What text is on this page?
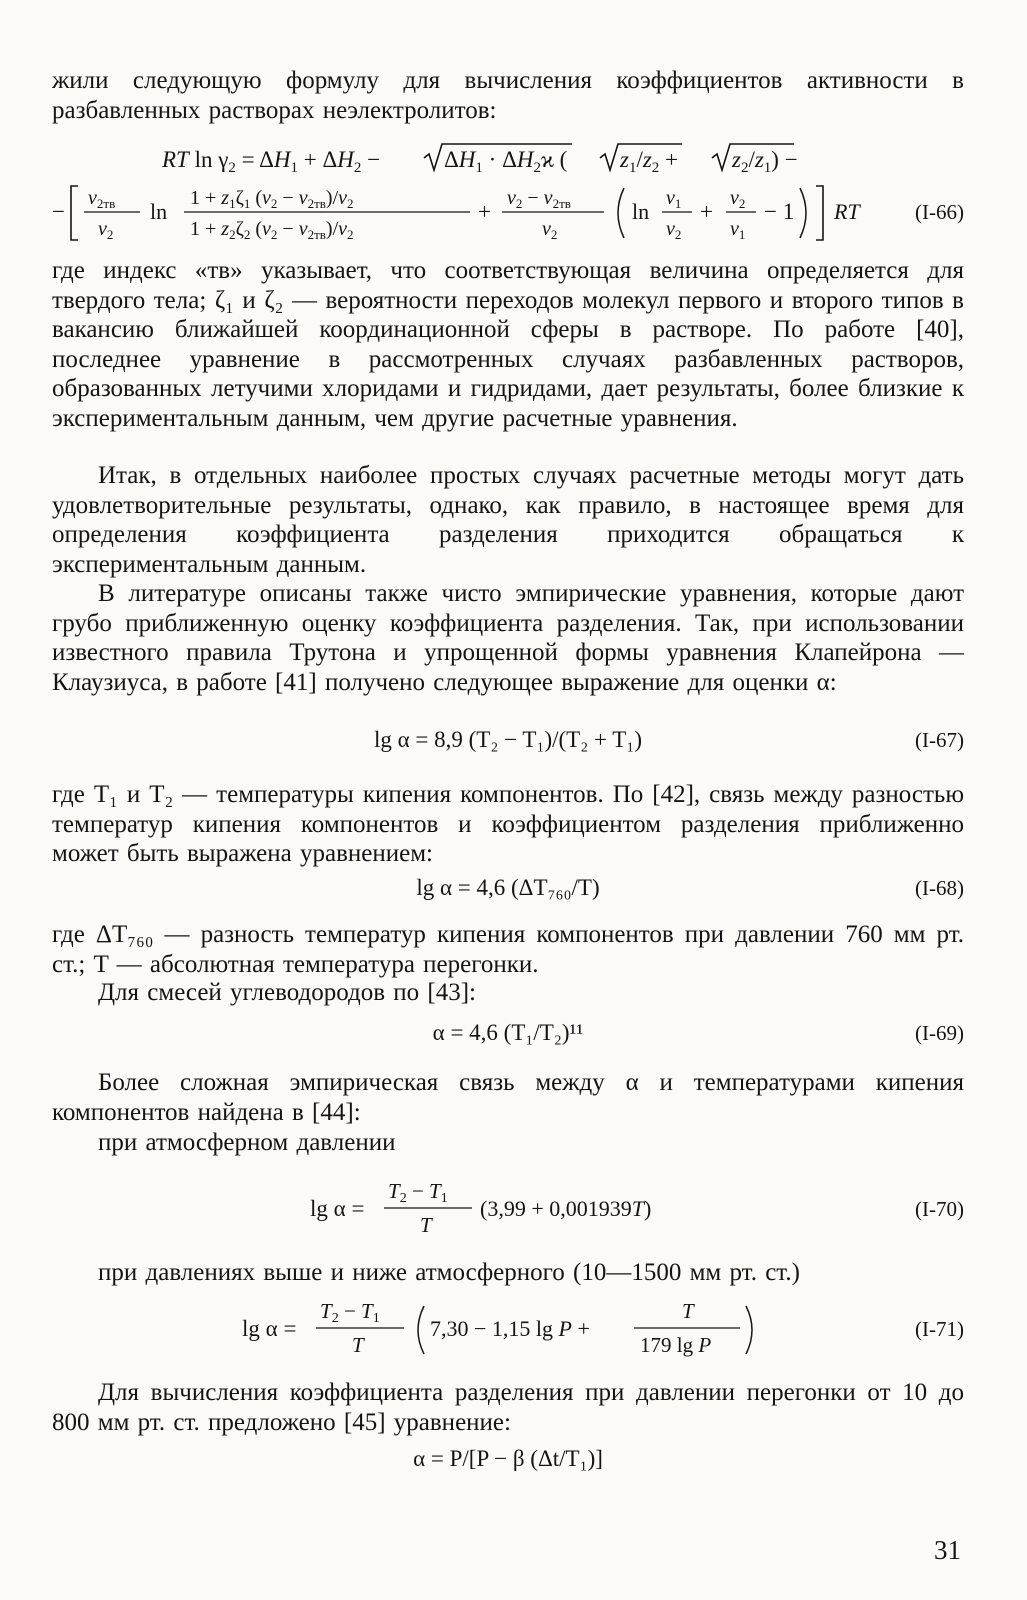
жили следующую формулу для вычисления коэффициентов активности в разбавленных растворах неэлектролитов:

RT $\ln \gamma_2 = \Delta H_1 + \Delta H_2$ −	$\Delta H_1 \cdot \Delta H_2ϰ$ ( $z_1/z_2 + z_2/z_1$) −
−
$v_{2тв}$
$v_2$
ln
$1 + z_1\zeta_1$ $(v_2 - v_{2тв})/v_2$
$1 + z_2\zeta_2$ $(v_2 - v_{2тв})/v_2$
+
$v_2 - v_{2тв}$
$v_2$
ln
$v_1$
$v_2$
+
$v_2$
$v_1$
− 1 RT	(I-66)

где индекс «тв» указывает, что соответствующая величина определяется для твердого тела; ζ₁ и ζ₂ — вероятности переходов молекул первого и второго типов в вакансию ближайшей координационной сферы в растворе. По работе [40], последнее уравнение в рассмотренных случаях разбавленных растворов, образованных летучими хлоридами и гидридами, дает результаты, более близкие к экспериментальным данным, чем другие расчетные уравнения.

Итак, в отдельных наиболее простых случаях расчетные методы могут дать удовлетворительные результаты, однако, как правило, в настоящее время для определения коэффициента разделения приходится обращаться к экспериментальным данным.

В литературе описаны также чисто эмпирические уравнения, которые дают грубо приближенную оценку коэффициента разделения. Так, при использовании известного правила Трутона и упрощенной формы уравнения Клапейрона — Клаузиуса, в работе [41] получено следующее выражение для оценки α:

lg α = 8,9 (T₂ − T₁)/(T₂ + T₁)	(I-67)

где T₁ и T₂ — температуры кипения компонентов. По [42], связь между разностью температур кипения компонентов и коэффициентом разделения приближенно может быть выражена уравнением:

lg α = 4,6 (ΔT₇₆₀/T)	(I-68)

где ΔT₇₆₀ — разность температур кипения компонентов при давлении 760 мм рт. ст.; T — абсолютная температура перегонки.

Для смесей углеводородов по [43]:

α = 4,6 (T₁/T₂)¹¹	(I-69)

Более сложная эмпирическая связь между α и температурами кипения компонентов найдена в [44]:

при атмосферном давлении

lg α =
T2 − T1
T
(3,99 + 0,001939T)	(I-70)

при давлениях выше и ниже атмосферного (10—1500 мм рт. ст.)

lg α =
T2 − T1
T
7,30 − 1,15 lg P +
T
179 lg P
(I-71)

Для вычисления коэффициента разделения при давлении перегонки от 10 до 800 мм рт. ст. предложено [45] уравнение:

α = P/[P − β (Δt/T₁)]
31
